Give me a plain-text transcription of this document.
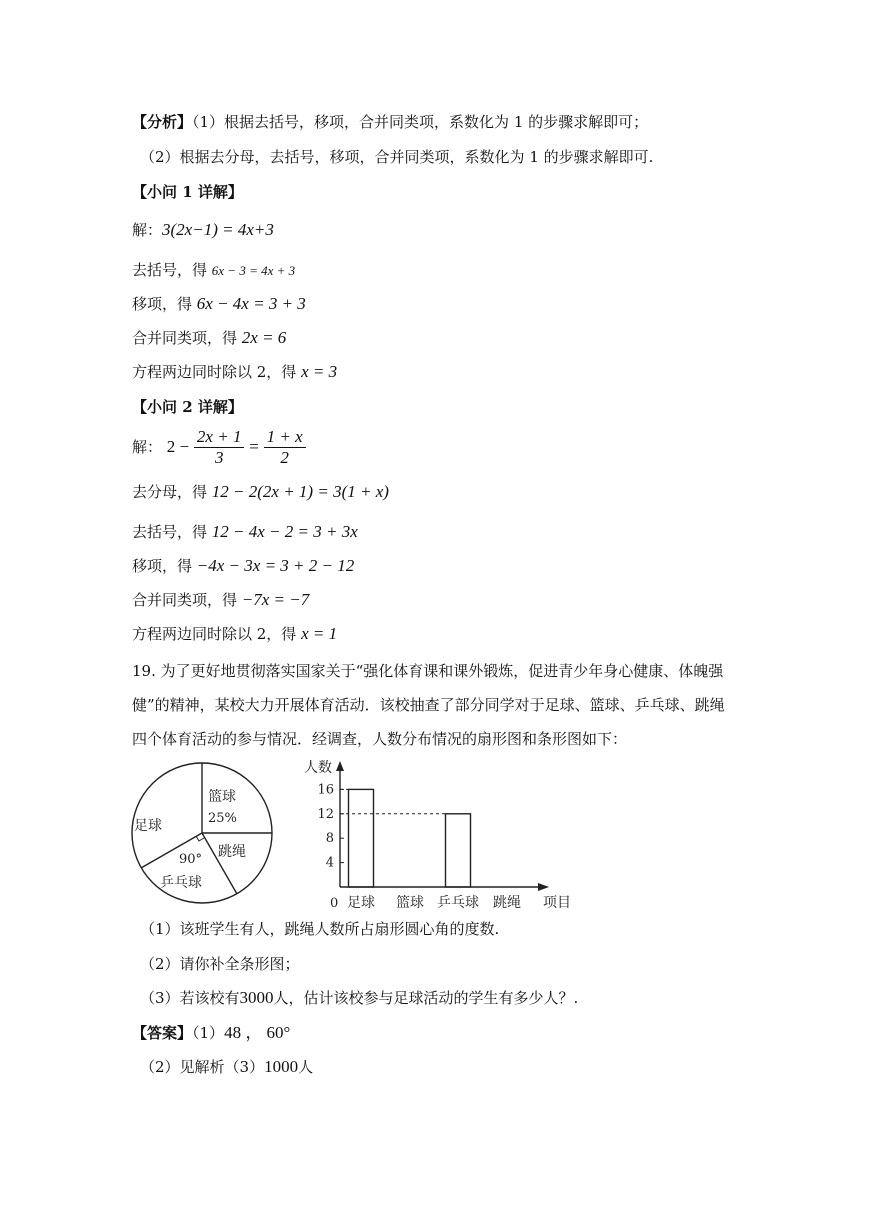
【分析】（1）根据去括号，移项，合并同类项，系数化为 1 的步骤求解即可；
（2）根据去分母，去括号，移项，合并同类项，系数化为 1 的步骤求解即可.
【小问 1 详解】
解：3(2x−1) = 4x+3
去括号，得 6x − 3 = 4x + 3
移项，得 6x − 4x = 3 + 3
合并同类项，得 2x = 6
方程两边同时除以 2，得 x = 3
【小问 2 详解】
解： $2 - \frac{2x + 1}{3} = \frac{1 + x}{2}$
去分母，得 12 − 2(2x + 1) = 3(1 + x)
去括号，得 12 − 4x − 2 = 3 + 3x
移项，得 −4x − 3x = 3 + 2 − 12
合并同类项，得 −7x = −7
方程两边同时除以 2，得 x = 1
19. 为了更好地贯彻落实国家关于“强化体育课和课外锻炼，促进青少年身心健康、体魄强
健”的精神，某校大力开展体育活动．该校抽查了部分同学对于足球、篮球、乒乓球、跳绳
四个体育活动的参与情况．经调查，人数分布情况的扇形图和条形图如下：
篮球
25%
足球
跳绳
90°
乒乓球
人数
项目
0
4
8
12
16
足球 篮球 乒乓球 跳绳
（1）该班学生有人，跳绳人数所占扇形圆心角的度数.
（2）请你补全条形图；
（3）若该校有3000人，估计该校参与足球活动的学生有多少人？.
【答案】（1）48 ， 60°
（2）见解析（3）1000人
